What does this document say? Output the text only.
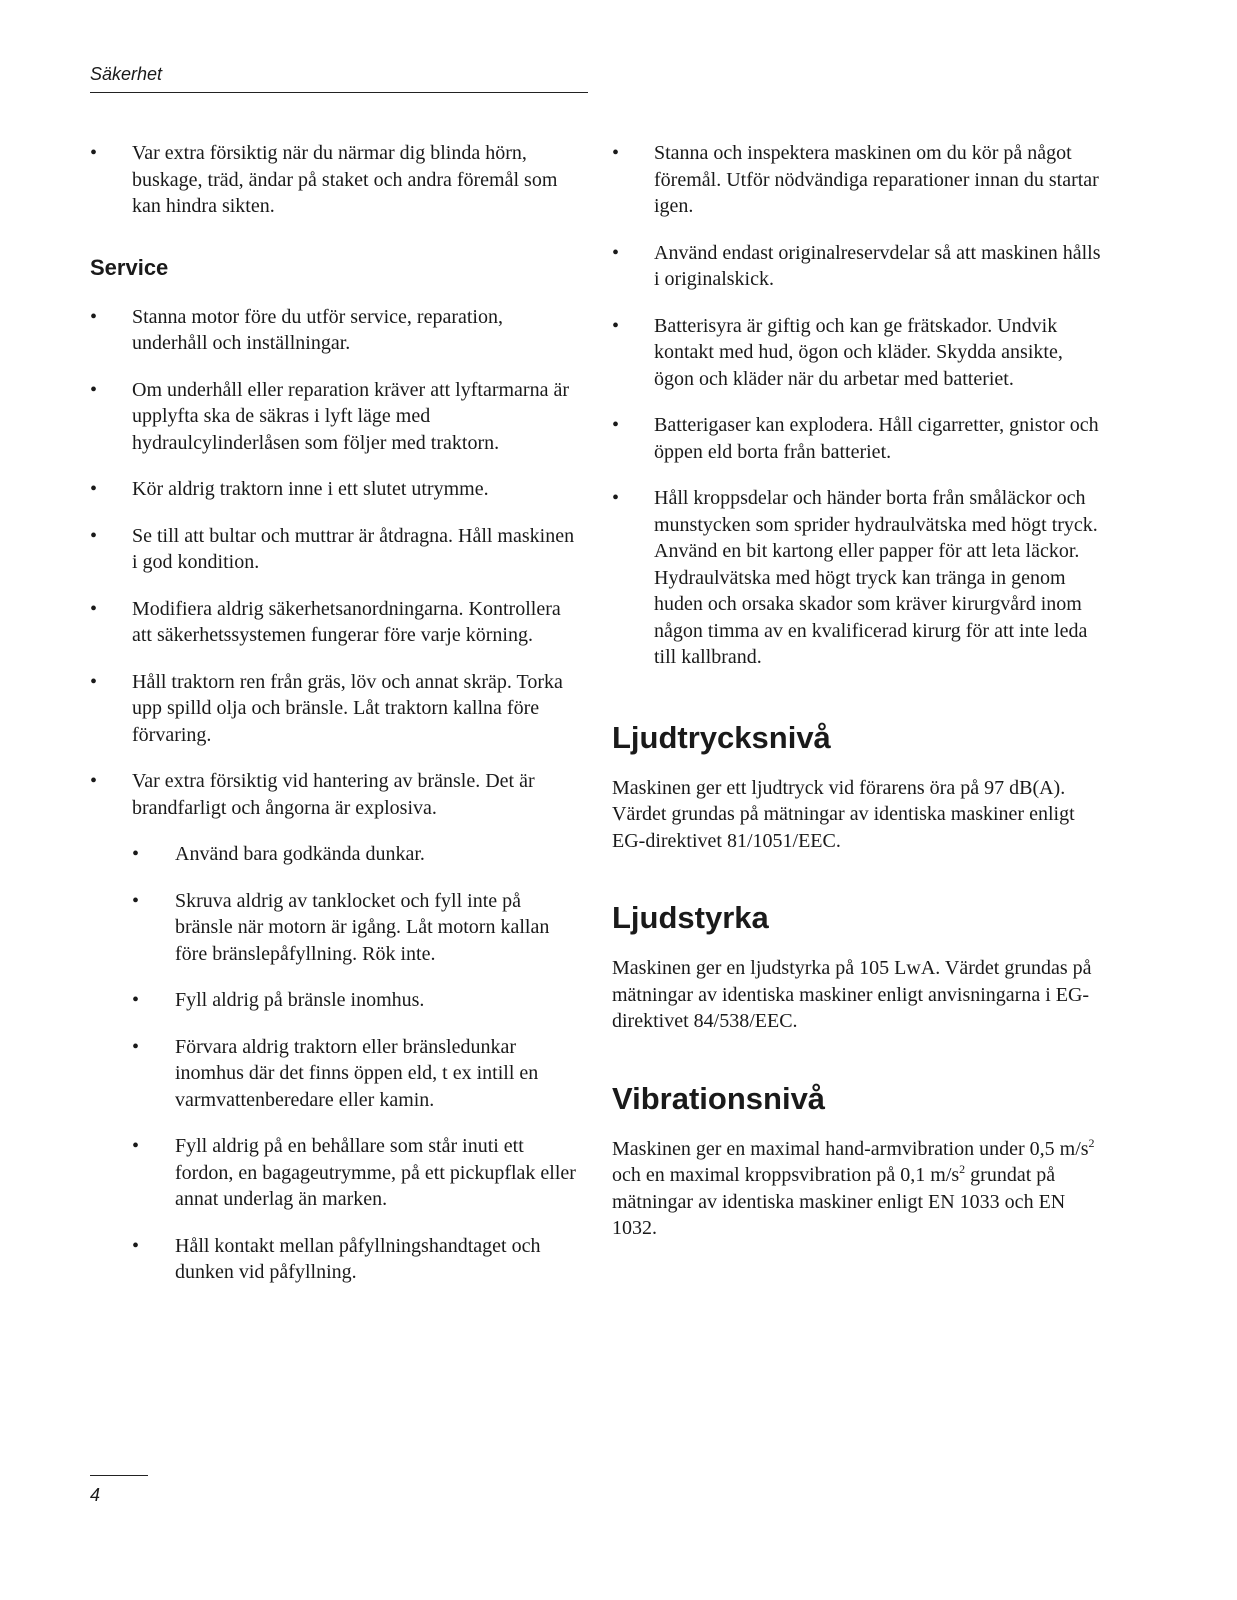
Säkerhet
• Var extra försiktig när du närmar dig blinda hörn, buskage, träd, ändar på staket och andra föremål som kan hindra sikten.
Service
• Stanna motor före du utför service, reparation, underhåll och inställningar.
• Om underhåll eller reparation kräver att lyftarmarna är upplyfta ska de säkras i lyft läge med hydraulcylinderlåsen som följer med traktorn.
• Kör aldrig traktorn inne i ett slutet utrymme.
• Se till att bultar och muttrar är åtdragna. Håll maskinen i god kondition.
• Modifiera aldrig säkerhetsanordningarna. Kontrollera att säkerhetssystemen fungerar före varje körning.
• Håll traktorn ren från gräs, löv och annat skräp. Torka upp spilld olja och bränsle. Låt traktorn kallna före förvaring.
• Var extra försiktig vid hantering av bränsle. Det är brandfarligt och ångorna är explosiva.
• Använd bara godkända dunkar.
• Skruva aldrig av tanklocket och fyll inte på bränsle när motorn är igång. Låt motorn kallan före bränslepåfyllning. Rök inte.
• Fyll aldrig på bränsle inomhus.
• Förvara aldrig traktorn eller bränsledunkar inomhus där det finns öppen eld, t ex intill en varmvattenberedare eller kamin.
• Fyll aldrig på en behållare som står inuti ett fordon, en bagageutrymme, på ett pickupflak eller annat underlag än marken.
• Håll kontakt mellan påfyllningshandtaget och dunken vid påfyllning.
• Stanna och inspektera maskinen om du kör på något föremål. Utför nödvändiga reparationer innan du startar igen.
• Använd endast originalreservdelar så att maskinen hålls i originalskick.
• Batterisyra är giftig och kan ge frätskador. Undvik kontakt med hud, ögon och kläder. Skydda ansikte, ögon och kläder när du arbetar med batteriet.
• Batterigaser kan explodera. Håll cigarretter, gnistor och öppen eld borta från batteriet.
• Håll kroppsdelar och händer borta från småläckor och munstycken som sprider hydraulvätska med högt tryck. Använd en bit kartong eller papper för att leta läckor. Hydraulvätska med högt tryck kan tränga in genom huden och orsaka skador som kräver kirurgvård inom någon timma av en kvalificerad kirurg för att inte leda till kallbrand.
Ljudtrycksnivå

Maskinen ger ett ljudtryck vid förarens öra på 97 dB(A). Värdet grundas på mätningar av identiska maskiner enligt EG-direktivet 81/1051/EEC.

Ljudstyrka

Maskinen ger en ljudstyrka på 105 LwA. Värdet grundas på mätningar av identiska maskiner enligt anvisningarna i EG-direktivet 84/538/EEC.

Vibrationsnivå

Maskinen ger en maximal hand-armvibration under 0,5 $m/s^2$ och en maximal kroppsvibration på 0,1 $m/s^2$ grundat på mätningar av identiska maskiner enligt EN 1033 och EN 1032.

4
